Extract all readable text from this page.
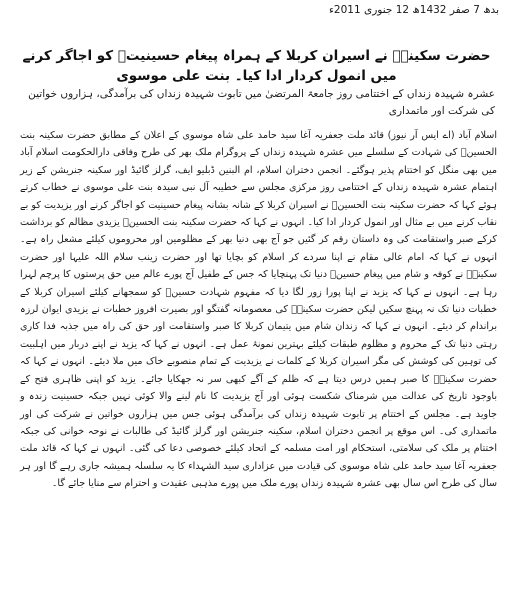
بدھ 7 صفر 1432ھ 12 جنوری 2011ء
حضرت سکینہؑ نے اسیران کربلا کے ہمراہ پیغام حسینیتؑ کو اجاگر کرنے میں انمول کردار ادا کیا۔ بنت علی موسوی
عشرہ شہیدہ زنداں کے اختتامی روز جامعۃ المرتضیٰ میں تابوت شہیدہ زنداں کی برآمدگی، ہزاروں خواتین کی شرکت اور ماتمداری

اسلام آباد (اے ایس آر نیوز) قائد ملت جعفریہ آغا سید حامد علی شاہ موسوی کے اعلان کے مطابق حضرت سکینہ بنت الحسینؑ کی شہادت کے سلسلے میں عشرہ شہیدہ زنداں کے پروگرام ملک بھر کی طرح وفاقی دارالحکومت اسلام آباد میں بھی منگل کو اختتام پذیر ہوگئے۔ انجمن دختران اسلام، ام البنین ڈبلیو ایف، گرلز گائیڈ اور سکینہ جنریشن کے زیر اہتمام عشرہ شہیدہ زنداں کے اختتامی روز مرکزی مجلس سے خطیبہ آل نبی سیدہ بنت علی موسوی نے خطاب کرتے ہوئے کہا کہ حضرت سکینہ بنت الحسینؑ نے اسیران کربلا کے شانہ بشانہ پیغام حسینیت کو اجاگر کرنے اور یزیدیت کو بے نقاب کرنے میں بے مثال اور انمول کردار ادا کیا۔ انہوں نے کہا کہ حضرت سکینہ بنت الحسینؑ یزیدی مظالم کو برداشت کرکے صبر واستقامت کی وہ داستان رقم کر گئیں جو آج بھی دنیا بھر کے مظلومین اور محروموں کیلئے مشعل راہ ہے۔ انہوں نے کہا کہ امام عالی مقام نے اپنا سردے کر اسلام کو بچایا تھا اور حضرت زینب سلام اللہ علیہا اور حضرت سکینہؑ نے کوفہ و شام میں پیغام حسینؑ دنیا تک پہنچایا کہ جس کے طفیل آج پورے عالم میں حق پرستوں کا پرچم لہرا رہا ہے۔ انہوں نے کہا کہ یزید نے اپنا پورا زور لگا دیا کہ مفہوم شہادت حسینؑ کو سمجھانے کیلئے اسیران کربلا کے خطبات دنیا تک نہ پہنچ سکیں لیکن حضرت سکینہؑ کی معصومانہ گفتگو اور بصیرت افروز خطبات نے یزیدی ایوان لرزہ براندام کر دیئے۔ انہوں نے کہا کہ زندان شام میں یتیمان کربلا کا صبر واستقامت اور حق کی راہ میں جذبہ فدا کاری رہتی دنیا تک کے محروم و مظلوم طبقات کیلئے بہترین نمونۂ عمل ہے۔ انہوں نے کہا کہ یزید نے اپنے دربار میں اہلبیت کی توہین کی کوشش کی مگر اسیران کربلا کے کلمات نے یزیدیت کے تمام منصوبے خاک میں ملا دیئے۔ انہوں نے کہا کہ حضرت سکینہؑ کا صبر ہمیں درس دیتا ہے کہ ظلم کے آگے کبھی سر نہ جھکایا جائے۔ یزید کو اپنی ظاہری فتح کے باوجود تاریخ کی عدالت میں شرمناک شکست ہوئی اور آج یزیدیت کا نام لینے والا کوئی نہیں جبکہ حسینیت زندہ و جاوید ہے۔ مجلس کے اختتام پر تابوت شہیدہ زنداں کی برآمدگی ہوئی جس میں ہزاروں خواتین نے شرکت کی اور ماتمداری کی۔ اس موقع پر انجمن دختران اسلام، سکینہ جنریشن اور گرلز گائیڈ کی طالبات نے نوحہ خوانی کی جبکہ اختتام پر ملک کی سلامتی، استحکام اور امت مسلمہ کے اتحاد کیلئے خصوصی دعا کی گئی۔ انہوں نے کہا کہ قائد ملت جعفریہ آغا سید حامد علی شاہ موسوی کی قیادت میں عزاداری سید الشہداء کا یہ سلسلہ ہمیشہ جاری رہے گا اور ہر سال کی طرح اس سال بھی عشرہ شہیدہ زنداں پورے ملک میں پورے مذہبی عقیدت و احترام سے منایا جائے گا۔
